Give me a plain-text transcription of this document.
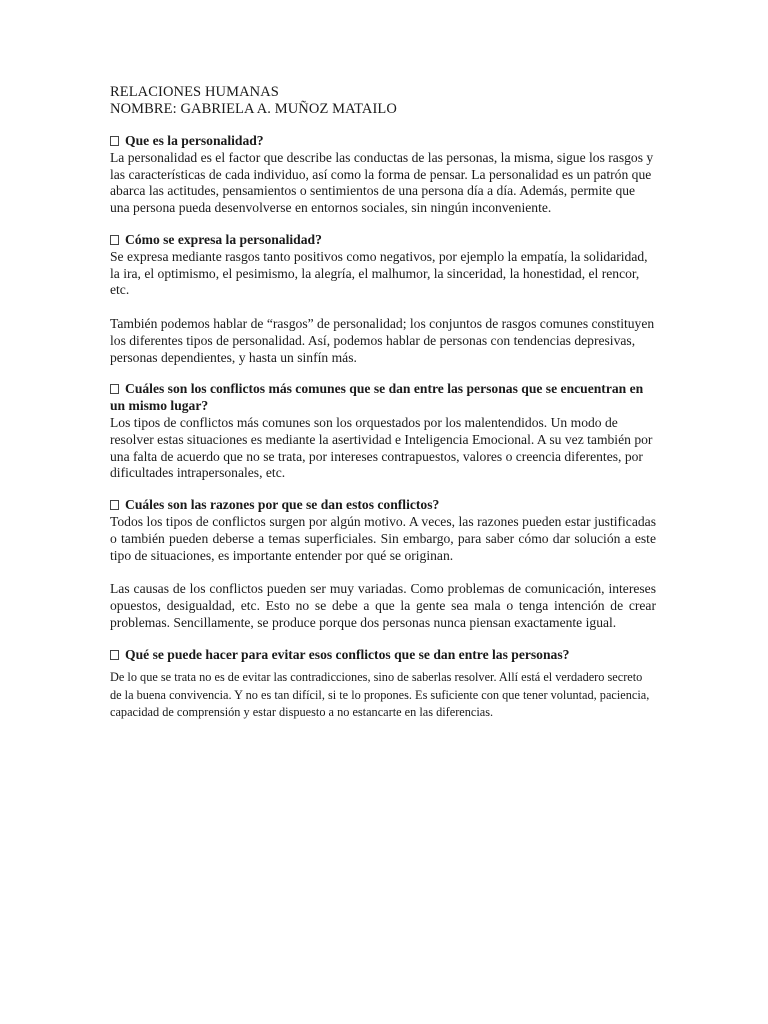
RELACIONES HUMANAS
NOMBRE: GABRIELA A. MUÑOZ MATAILO
Que es la personalidad?

La personalidad es el factor que describe las conductas de las personas, la misma, sigue los rasgos y las características de cada individuo, así como la forma de pensar. La personalidad es un patrón que abarca las actitudes, pensamientos o sentimientos de una persona día a día. Además, permite que una persona pueda desenvolverse en entornos sociales, sin ningún inconveniente.

Cómo se expresa la personalidad?

Se expresa mediante rasgos tanto positivos como negativos, por ejemplo la empatía, la solidaridad, la ira, el optimismo, el pesimismo, la alegría, el malhumor, la sinceridad, la honestidad, el rencor, etc.

También podemos hablar de “rasgos” de personalidad; los conjuntos de rasgos comunes constituyen los diferentes tipos de personalidad. Así, podemos hablar de personas con tendencias depresivas, personas dependientes, y hasta un sinfín más.

Cuáles son los conflictos más comunes que se dan entre las personas que se encuentran en un mismo lugar?

Los tipos de conflictos más comunes son los orquestados por los malentendidos. Un modo de resolver estas situaciones es mediante la asertividad e Inteligencia Emocional. A su vez también por una falta de acuerdo que no se trata, por intereses contrapuestos, valores o creencia diferentes, por dificultades intrapersonales, etc.

Cuáles son las razones por que se dan estos conflictos?

Todos los tipos de conflictos surgen por algún motivo. A veces, las razones pueden estar justificadas o también pueden deberse a temas superficiales. Sin embargo, para saber cómo dar solución a este tipo de situaciones, es importante entender por qué se originan.

Las causas de los conflictos pueden ser muy variadas. Como problemas de comunicación, intereses opuestos, desigualdad, etc. Esto no se debe a que la gente sea mala o tenga intención de crear problemas. Sencillamente, se produce porque dos personas nunca piensan exactamente igual.

Qué se puede hacer para evitar esos conflictos que se dan entre las personas?

De lo que se trata no es de evitar las contradicciones, sino de saberlas resolver. Allí está el verdadero secreto de la buena convivencia. Y no es tan difícil, si te lo propones. Es suficiente con que tener voluntad, paciencia, capacidad de comprensión y estar dispuesto a no estancarte en las diferencias.
